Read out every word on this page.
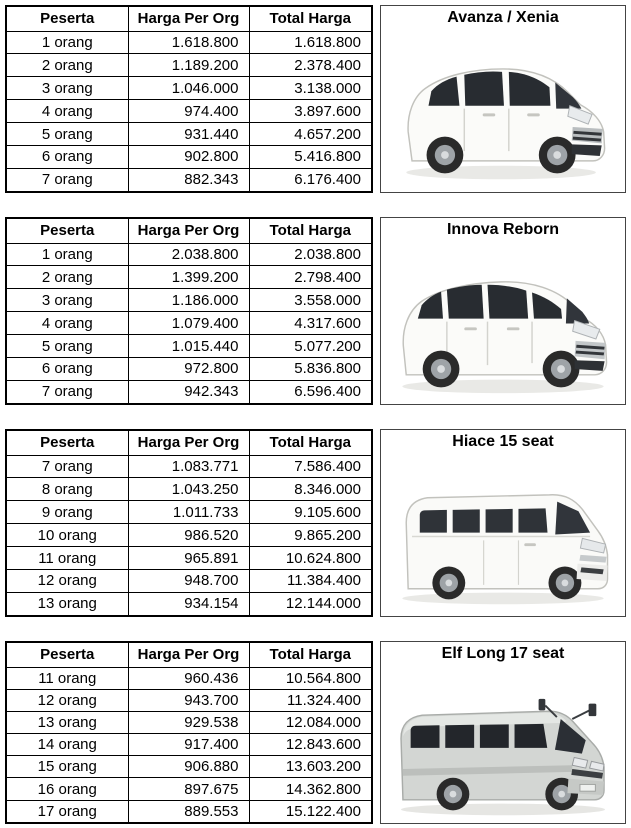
Peserta	Harga Per Org	Total Harga
1 orang	1.618.800	1.618.800
2 orang	1.189.200	2.378.400
3 orang	1.046.000	3.138.000
4 orang	974.400	3.897.600
5 orang	931.440	4.657.200
6 orang	902.800	5.416.800
7 orang	882.343	6.176.400
Avanza / Xenia
Peserta	Harga Per Org	Total Harga
1 orang	2.038.800	2.038.800
2 orang	1.399.200	2.798.400
3 orang	1.186.000	3.558.000
4 orang	1.079.400	4.317.600
5 orang	1.015.440	5.077.200
6 orang	972.800	5.836.800
7 orang	942.343	6.596.400
Innova Reborn
Peserta	Harga Per Org	Total Harga
7 orang	1.083.771	7.586.400
8 orang	1.043.250	8.346.000
9 orang	1.011.733	9.105.600
10 orang	986.520	9.865.200
11 orang	965.891	10.624.800
12 orang	948.700	11.384.400
13 orang	934.154	12.144.000
Hiace 15 seat
Peserta	Harga Per Org	Total Harga
11 orang	960.436	10.564.800
12 orang	943.700	11.324.400
13 orang	929.538	12.084.000
14 orang	917.400	12.843.600
15 orang	906.880	13.603.200
16 orang	897.675	14.362.800
17 orang	889.553	15.122.400
Elf Long 17 seat
